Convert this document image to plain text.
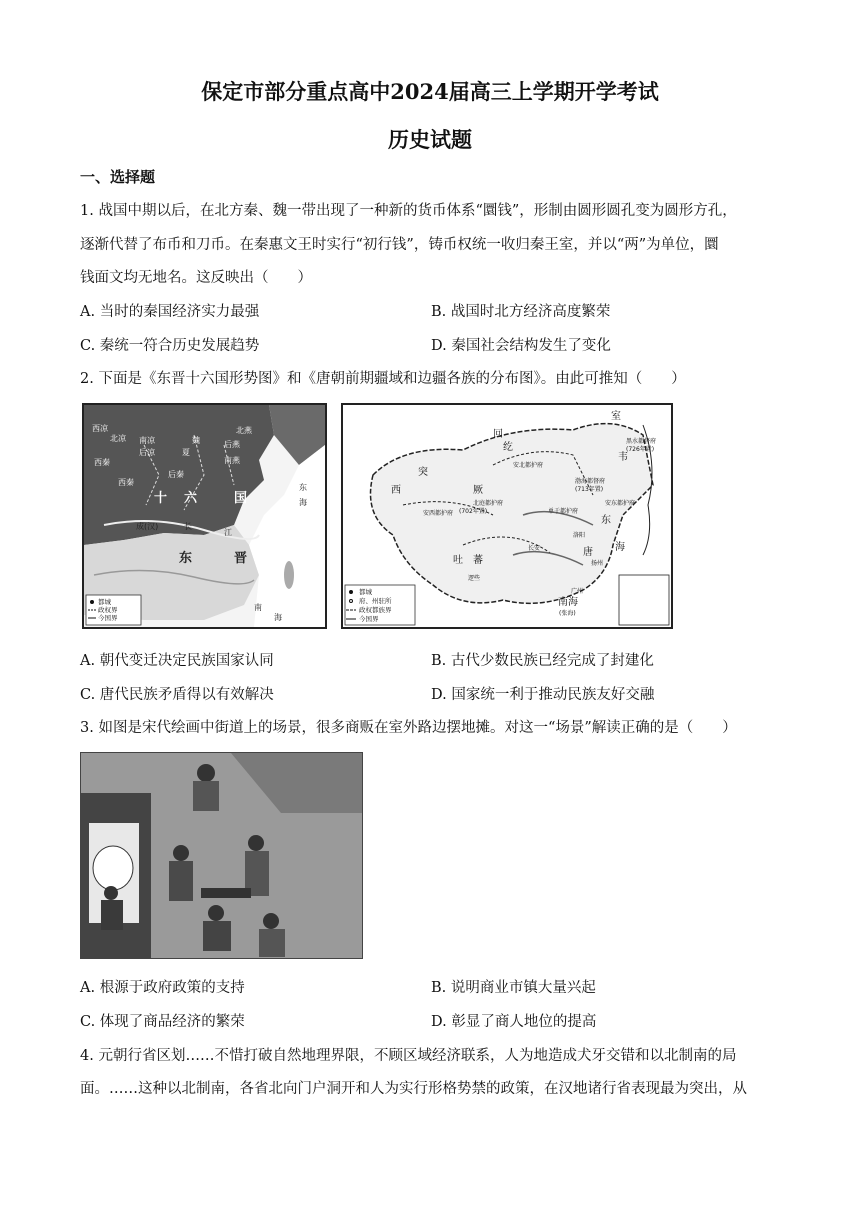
保定市部分重点高中2024届高三上学期开学考试
历史试题
一、选择题
1. 战国中期以后，在北方秦、魏一带出现了一种新的货币体系“圜钱”，形制由圆形圆孔变为圆形方孔，
逐渐代替了布币和刀币。在秦惠文王时实行“初行钱”，铸币权统一收归秦王室，并以“两”为单位，圜
钱面文均无地名。这反映出（　　）
A. 当时的秦国经济实力最强	B. 战国时北方经济高度繁荣
C. 秦统一符合历史发展趋势	D. 秦国社会结构发生了变化
2. 下面是《东晋十六国形势图》和《唐朝前期疆域和边疆各族的分布图》。由此可推知（　　）
西凉
北凉 南凉
后凉
西秦
夏
后秦
南燕
北燕
魏
西秦
后燕
十 六	国
东	晋
成(汉)	长
江
东
海
南
海
都城
政权界
今国界
室
韦
回
纥
突
厥
西
吐 蕃
唐
东
海
南海
安北都护府
北庭都护府
安西都护府
长安
洛阳
逻些
扬州
广州
单于都护府
黑水都督府
渤海都督府
安东都护府
(726年置)
(713年置)
(702年置)
(张海)
都城
府、州驻所
政权都族界
今国界
A. 朝代变迁决定民族国家认同	B. 古代少数民族已经完成了封建化
C. 唐代民族矛盾得以有效解决	D. 国家统一利于推动民族友好交融
3. 如图是宋代绘画中街道上的场景，很多商贩在室外路边摆地摊。对这一“场景”解读正确的是（　　）
A. 根源于政府政策的支持	B. 说明商业市镇大量兴起
C. 体现了商品经济的繁荣	D. 彰显了商人地位的提高
4. 元朝行省区划……不惜打破自然地理界限，不顾区域经济联系，人为地造成犬牙交错和以北制南的局
面。……这种以北制南，各省北向门户洞开和人为实行形格势禁的政策，在汉地诸行省表现最为突出，从
